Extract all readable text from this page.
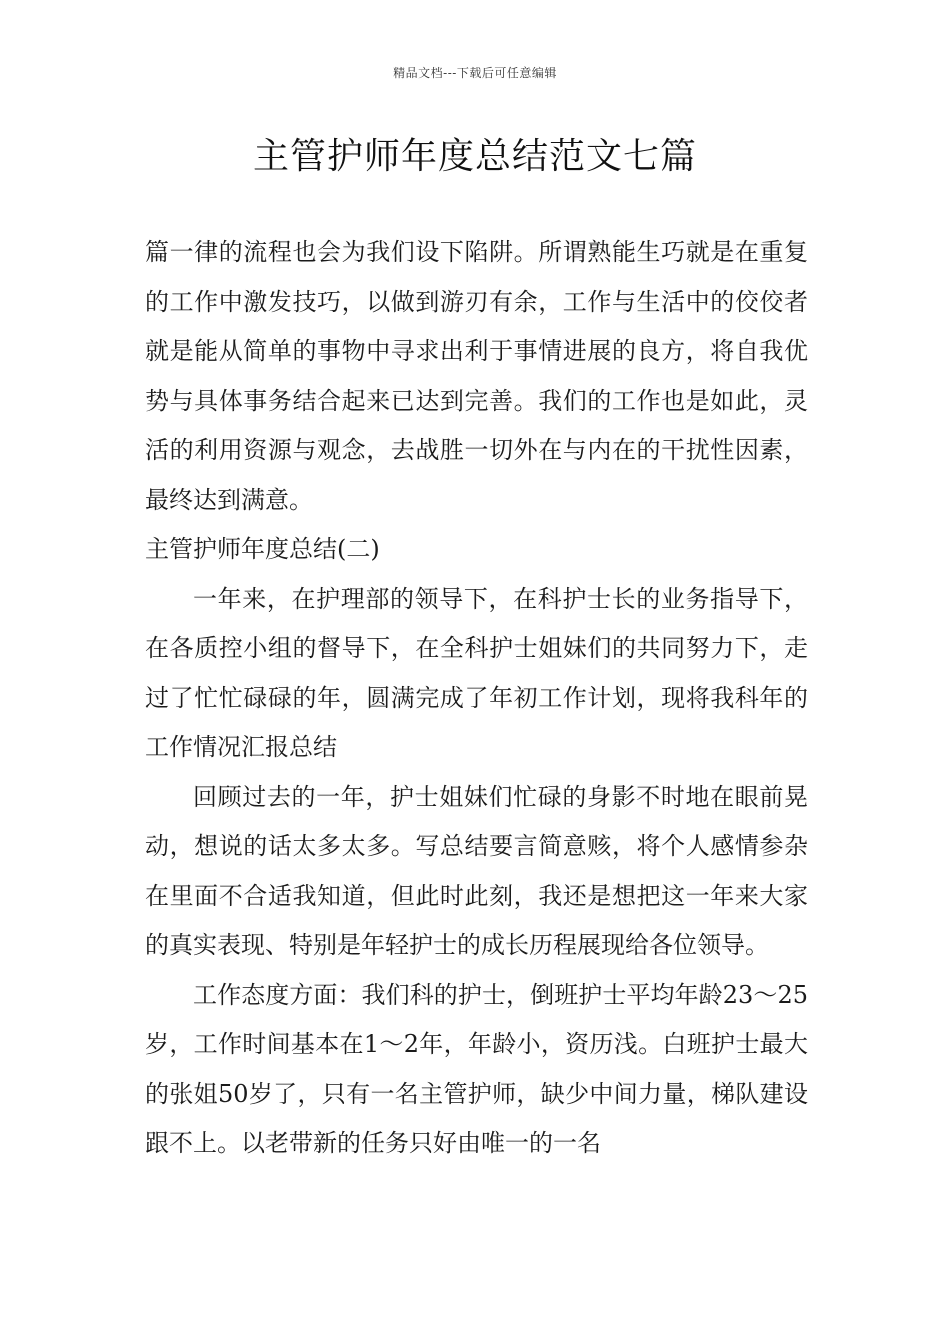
精品文档---下载后可任意编辑
主管护师年度总结范文七篇

篇一律的流程也会为我们设下陷阱。所谓熟能生巧就是在重复的工作中激发技巧，以做到游刃有余，工作与生活中的佼佼者就是能从简单的事物中寻求出利于事情进展的良方，将自我优势与具体事务结合起来已达到完善。我们的工作也是如此，灵活的利用资源与观念，去战胜一切外在与内在的干扰性因素，最终达到满意。

主管护师年度总结(二)

一年来，在护理部的领导下，在科护士长的业务指导下，在各质控小组的督导下，在全科护士姐妹们的共同努力下，走过了忙忙碌碌的年，圆满完成了年初工作计划，现将我科年的工作情况汇报总结

回顾过去的一年，护士姐妹们忙碌的身影不时地在眼前晃动，想说的话太多太多。写总结要言简意赅，将个人感情参杂在里面不合适我知道，但此时此刻，我还是想把这一年来大家的真实表现、特别是年轻护士的成长历程展现给各位领导。

工作态度方面：我们科的护士，倒班护士平均年龄23～25岁，工作时间基本在1～2年，年龄小，资历浅。白班护士最大的张姐50岁了，只有一名主管护师，缺少中间力量，梯队建设跟不上。以老带新的任务只好由唯一的一名
